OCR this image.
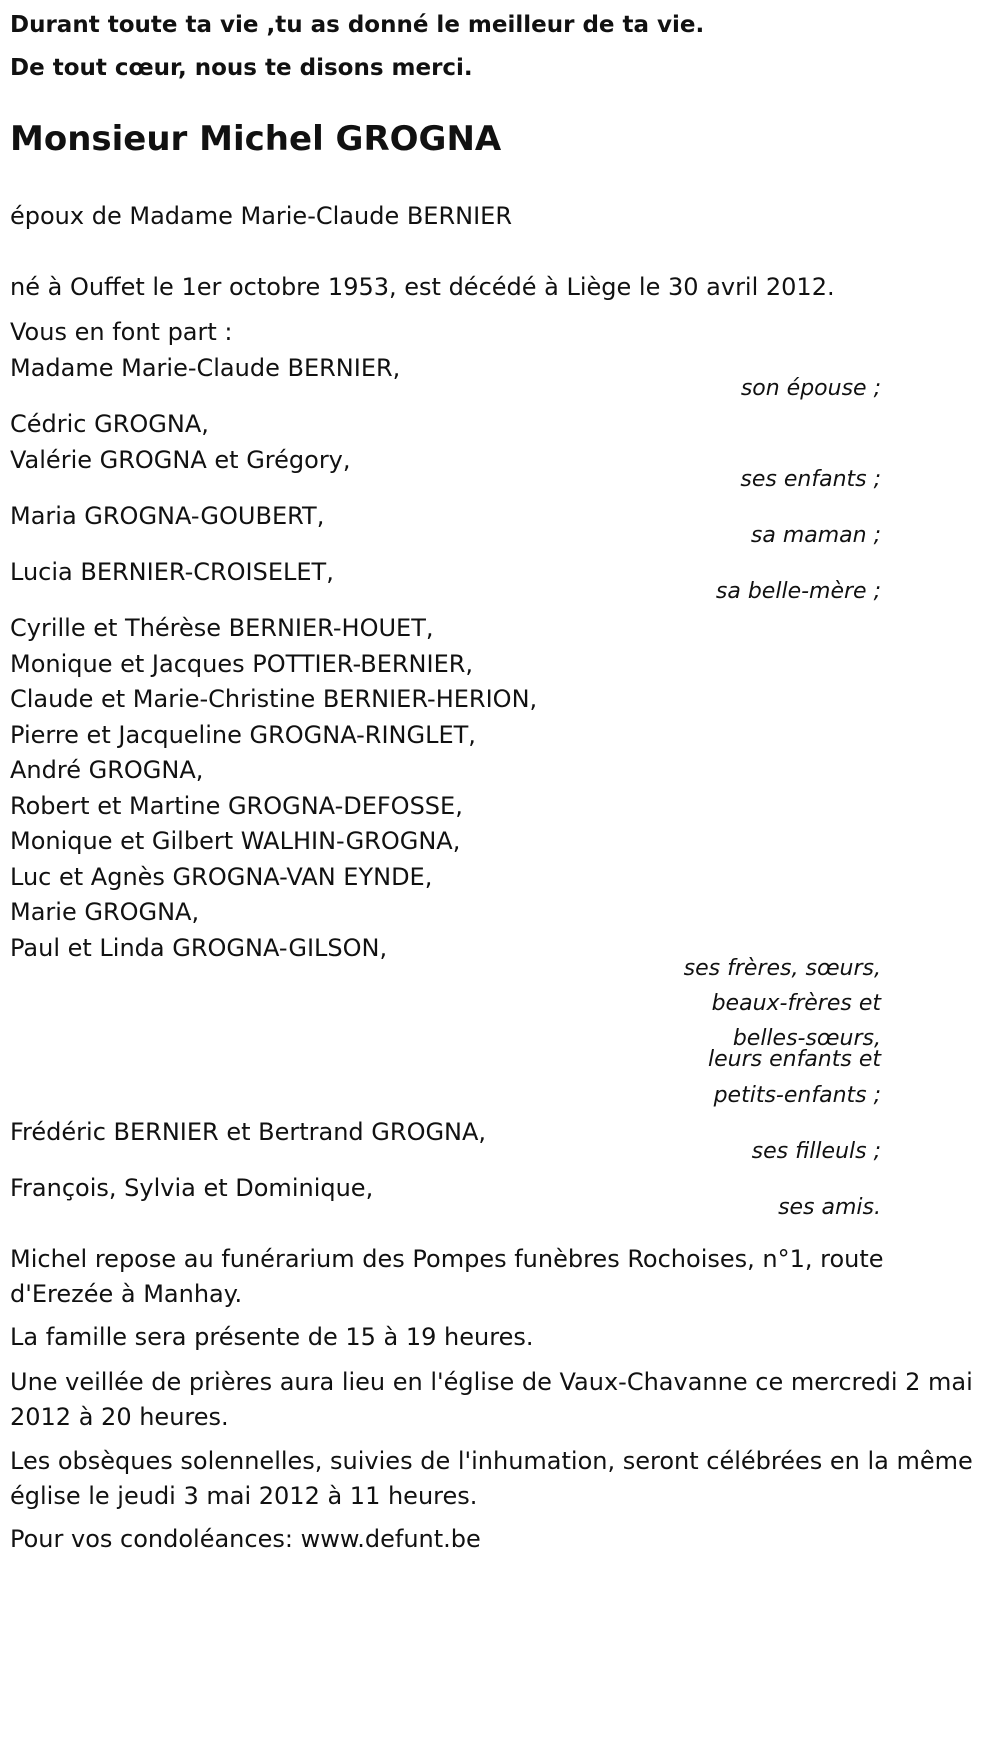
Durant toute ta vie ,tu as donné le meilleur de ta vie.
De tout cœur, nous te disons merci.
Monsieur Michel GROGNA
époux de Madame Marie-Claude BERNIER
né à Ouffet le 1er octobre 1953, est décédé à Liège le 30 avril 2012.
Vous en font part :
Madame Marie-Claude BERNIER,
son épouse ;
Cédric GROGNA,
Valérie GROGNA et Grégory,
ses enfants ;
Maria GROGNA-GOUBERT,
sa maman ;
Lucia BERNIER-CROISELET,
sa belle-mère ;
Cyrille et Thérèse BERNIER-HOUET,
Monique et Jacques POTTIER-BERNIER,
Claude et Marie-Christine BERNIER-HERION,
Pierre et Jacqueline GROGNA-RINGLET,
André GROGNA,
Robert et Martine GROGNA-DEFOSSE,
Monique et Gilbert WALHIN-GROGNA,
Luc et Agnès GROGNA-VAN EYNDE,
Marie GROGNA,
Paul et Linda GROGNA-GILSON,
ses frères, sœurs,
beaux-frères et
belles-sœurs,
leurs enfants et
petits-enfants ;
Frédéric BERNIER et Bertrand GROGNA,
ses filleuls ;
François, Sylvia et Dominique,
ses amis.
Michel repose au funérarium des Pompes funèbres Rochoises, n°1, route d'Erezée à Manhay.
La famille sera présente de 15 à 19 heures.
Une veillée de prières aura lieu en l'église de Vaux-Chavanne ce mercredi 2 mai 2012 à 20 heures.
Les obsèques solennelles, suivies de l'inhumation, seront célébrées en la même église le jeudi 3 mai 2012 à 11 heures.
Pour vos condoléances: www.defunt.be
